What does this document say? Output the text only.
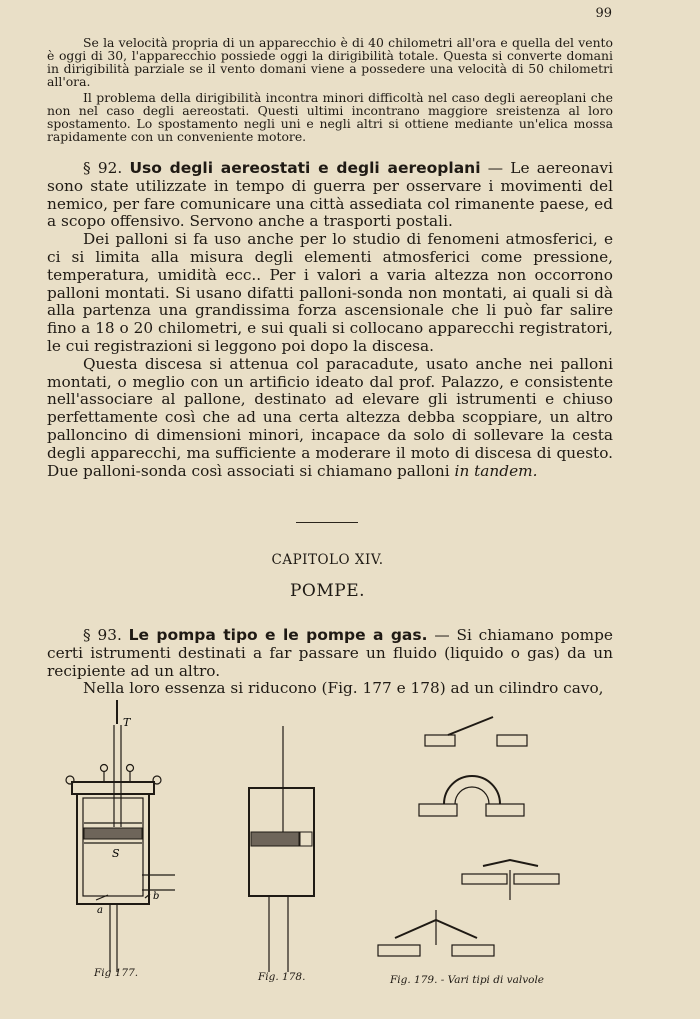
99

Se la velocità propria di un apparecchio è di 40 chilometri all'ora e quella del vento è oggi di 30, l'apparecchio possiede oggi la dirigibilità totale. Questa si converte domani in dirigibilità parziale se il vento domani viene a possedere una velocità di 50 chilometri all'ora.

Il problema della dirigibilità incontra minori difficoltà nel caso degli aereoplani che non nel caso degli aereostati. Questi ultimi incontrano maggiore sreistenza al loro spostamento. Lo spostamento negli uni e negli altri si ottiene mediante un'elica mossa rapidamente con un conveniente motore.

§ 92. Uso degli aereostati e degli aereoplani — Le aereonavi sono state utilizzate in tempo di guerra per osservare i movimenti del nemico, per fare comunicare una città assediata col rimanente paese, ed a scopo offensivo. Servono anche a trasporti postali.

Dei palloni si fa uso anche per lo studio di fenomeni atmosferici, e ci si limita alla misura degli elementi atmosferici come pressione, temperatura, umidità ecc.. Per i valori a varia altezza non occorrono palloni montati. Si usano difatti palloni-sonda non montati, ai quali si dà alla partenza una grandissima forza ascensionale che li può far salire fino a 18 o 20 chilometri, e sui quali si collocano apparecchi registratori, le cui registrazioni si leggono poi dopo la discesa.

Questa discesa si attenua col paracadute, usato anche nei palloni montati, o meglio con un artificio ideato dal prof. Palazzo, e consistente nell'associare al pallone, destinato ad elevare gli istrumenti e chiuso perfettamente così che ad una certa altezza debba scoppiare, un altro palloncino di dimensioni minori, incapace da solo di sollevare la cesta degli apparecchi, ma sufficiente a moderare il moto di discesa di questo. Due palloni-sonda così associati si chiamano palloni in tandem.

CAPITOLO XIV.
POMPE.

§ 93. Le pompa tipo e le pompe a gas. — Si chiamano pompe certi istrumenti destinati a far passare un fluido (liquido o gas) da un recipiente ad un altro.

Nella loro essenza si riducono (Fig. 177 e 178) ad un cilindro cavo,

T
S
a
b
Fig 177.	Fig. 178.	Fig. 179. - Vari tipi di valvole
